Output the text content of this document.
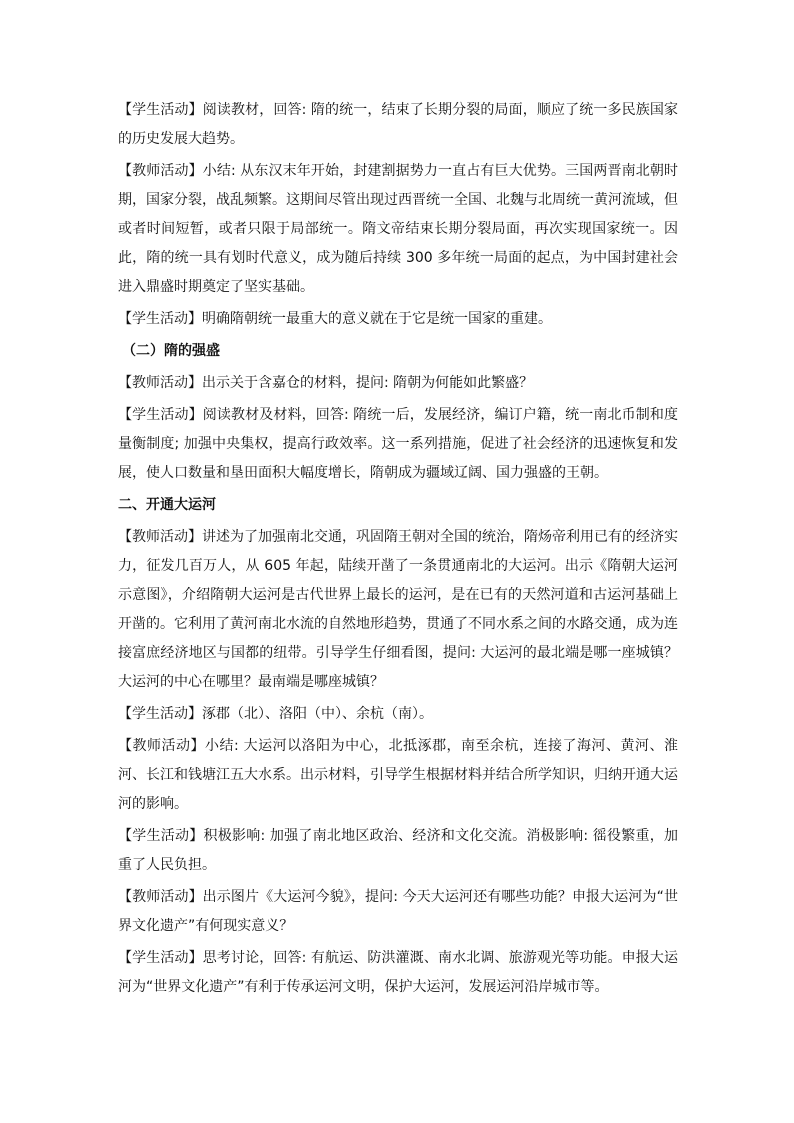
【学生活动】阅读教材，回答: 隋的统一，结束了长期分裂的局面，顺应了统一多民族国家的历史发展大趋势。

【教师活动】小结: 从东汉末年开始，封建割据势力一直占有巨大优势。三国两晋南北朝时期，国家分裂，战乱频繁。这期间尽管出现过西晋统一全国、北魏与北周统一黄河流域，但或者时间短暂，或者只限于局部统一。隋文帝结束长期分裂局面，再次实现国家统一。因此，隋的统一具有划时代意义，成为随后持续 300 多年统一局面的起点，为中国封建社会进入鼎盛时期奠定了坚实基础。

【学生活动】明确隋朝统一最重大的意义就在于它是统一国家的重建。

（二）隋的强盛

【教师活动】出示关于含嘉仓的材料，提问: 隋朝为何能如此繁盛？

【学生活动】阅读教材及材料，回答: 隋统一后，发展经济，编订户籍，统一南北币制和度量衡制度; 加强中央集权，提高行政效率。这一系列措施，促进了社会经济的迅速恢复和发展，使人口数量和垦田面积大幅度增长，隋朝成为疆域辽阔、国力强盛的王朝。

二、开通大运河

【教师活动】讲述为了加强南北交通，巩固隋王朝对全国的统治，隋炀帝利用已有的经济实力，征发几百万人，从 605 年起，陆续开凿了一条贯通南北的大运河。出示《隋朝大运河示意图》，介绍隋朝大运河是古代世界上最长的运河，是在已有的天然河道和古运河基础上开凿的。它利用了黄河南北水流的自然地形趋势，贯通了不同水系之间的水路交通，成为连接富庶经济地区与国都的纽带。引导学生仔细看图，提问: 大运河的最北端是哪一座城镇？大运河的中心在哪里？最南端是哪座城镇？

【学生活动】涿郡（北）、洛阳（中）、余杭（南）。

【教师活动】小结: 大运河以洛阳为中心，北抵涿郡，南至余杭，连接了海河、黄河、淮河、长江和钱塘江五大水系。出示材料，引导学生根据材料并结合所学知识，归纳开通大运河的影响。

【学生活动】积极影响: 加强了南北地区政治、经济和文化交流。消极影响: 徭役繁重，加重了人民负担。

【教师活动】出示图片《大运河今貌》，提问: 今天大运河还有哪些功能？申报大运河为“世界文化遗产”有何现实意义？

【学生活动】思考讨论，回答: 有航运、防洪灌溉、南水北调、旅游观光等功能。申报大运河为“世界文化遗产”有利于传承运河文明，保护大运河，发展运河沿岸城市等。
